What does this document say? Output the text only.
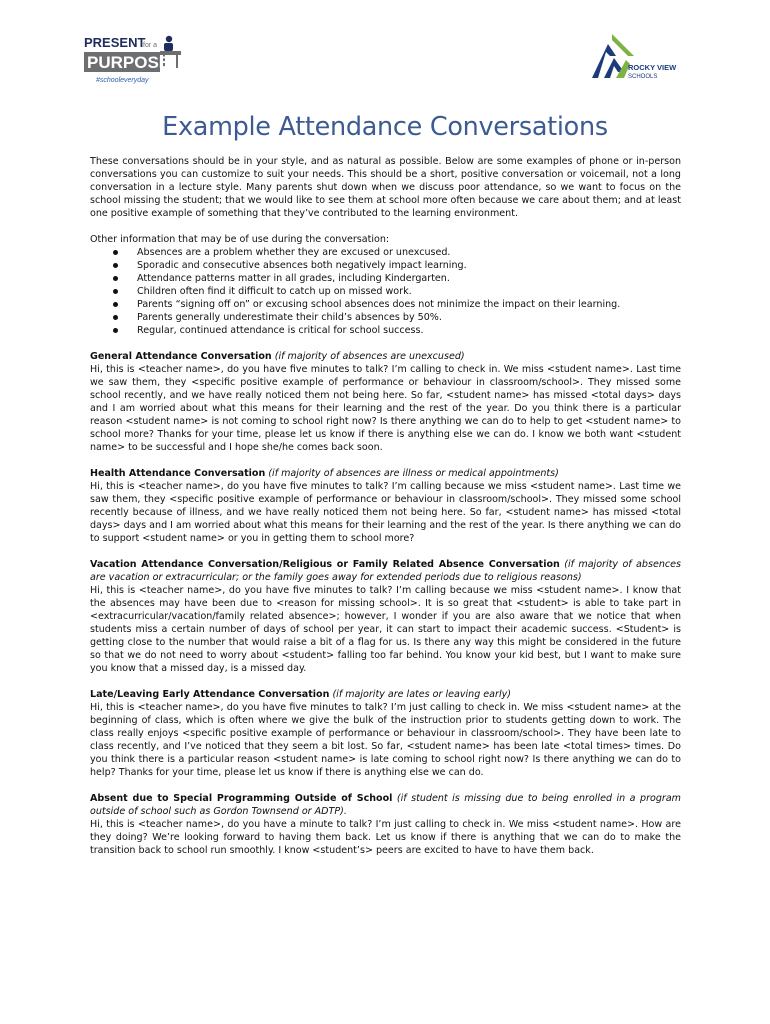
PRESENT
for a
PURPOSE
#schooleveryday
ROCKY VIEW
SCHOOLS
Example Attendance Conversations

These conversations should be in your style, and as natural as possible. Below are some examples of phone or in-person conversations you can customize to suit your needs. This should be a short, positive conversation or voicemail, not a long conversation in a lecture style. Many parents shut down when we discuss poor attendance, so we want to focus on the school missing the student; that we would like to see them at school more often because we care about them; and at least one positive example of something that they’ve contributed to the learning environment.

Other information that may be of use during the conversation:

Absences are a problem whether they are excused or unexcused.
Sporadic and consecutive absences both negatively impact learning.
Attendance patterns matter in all grades, including Kindergarten.
Children often find it difficult to catch up on missed work.
Parents “signing off on” or excusing school absences does not minimize the impact on their learning.
Parents generally underestimate their child’s absences by 50%.
Regular, continued attendance is critical for school success.

General Attendance Conversation (if majority of absences are unexcused)

Hi, this is <teacher name>, do you have five minutes to talk? I’m calling to check in. We miss <student name>. Last time we saw them, they <specific positive example of performance or behaviour in classroom/school>. They missed some school recently, and we have really noticed them not being here. So far, <student name> has missed <total days> days and I am worried about what this means for their learning and the rest of the year. Do you think there is a particular reason <student name> is not coming to school right now? Is there anything we can do to help to get <student name> to school more? Thanks for your time, please let us know if there is anything else we can do. I know we both want <student name> to be successful and I hope she/he comes back soon.

Health Attendance Conversation (if majority of absences are illness or medical appointments)

Hi, this is <teacher name>, do you have five minutes to talk? I’m calling because we miss <student name>. Last time we saw them, they <specific positive example of performance or behaviour in classroom/school>. They missed some school recently because of illness, and we have really noticed them not being here. So far, <student name> has missed <total days> days and I am worried about what this means for their learning and the rest of the year. Is there anything we can do to support <student name> or you in getting them to school more?

Vacation Attendance Conversation/Religious or Family Related Absence Conversation (if majority of absences are vacation or extracurricular; or the family goes away for extended periods due to religious reasons)

Hi, this is <teacher name>, do you have five minutes to talk? I’m calling because we miss <student name>. I know that the absences may have been due to <reason for missing school>. It is so great that <student> is able to take part in <extracurricular/vacation/family related absence>; however, I wonder if you are also aware that we notice that when students miss a certain number of days of school per year, it can start to impact their academic success. <Student> is getting close to the number that would raise a bit of a flag for us. Is there any way this might be considered in the future so that we do not need to worry about <student> falling too far behind. You know your kid best, but I want to make sure you know that a missed day, is a missed day.

Late/Leaving Early Attendance Conversation (if majority are lates or leaving early)

Hi, this is <teacher name>, do you have five minutes to talk? I’m just calling to check in. We miss <student name> at the beginning of class, which is often where we give the bulk of the instruction prior to students getting down to work. The class really enjoys <specific positive example of performance or behaviour in classroom/school>. They have been late to class recently, and I’ve noticed that they seem a bit lost. So far, <student name> has been late <total times> times. Do you think there is a particular reason <student name> is late coming to school right now? Is there anything we can do to help? Thanks for your time, please let us know if there is anything else we can do.

Absent due to Special Programming Outside of School (if student is missing due to being enrolled in a program outside of school such as Gordon Townsend or ADTP).

Hi, this is <teacher name>, do you have a minute to talk? I’m just calling to check in. We miss <student name>. How are they doing? We’re looking forward to having them back. Let us know if there is anything that we can do to make the transition back to school run smoothly. I know <student’s> peers are excited to have to have them back.
